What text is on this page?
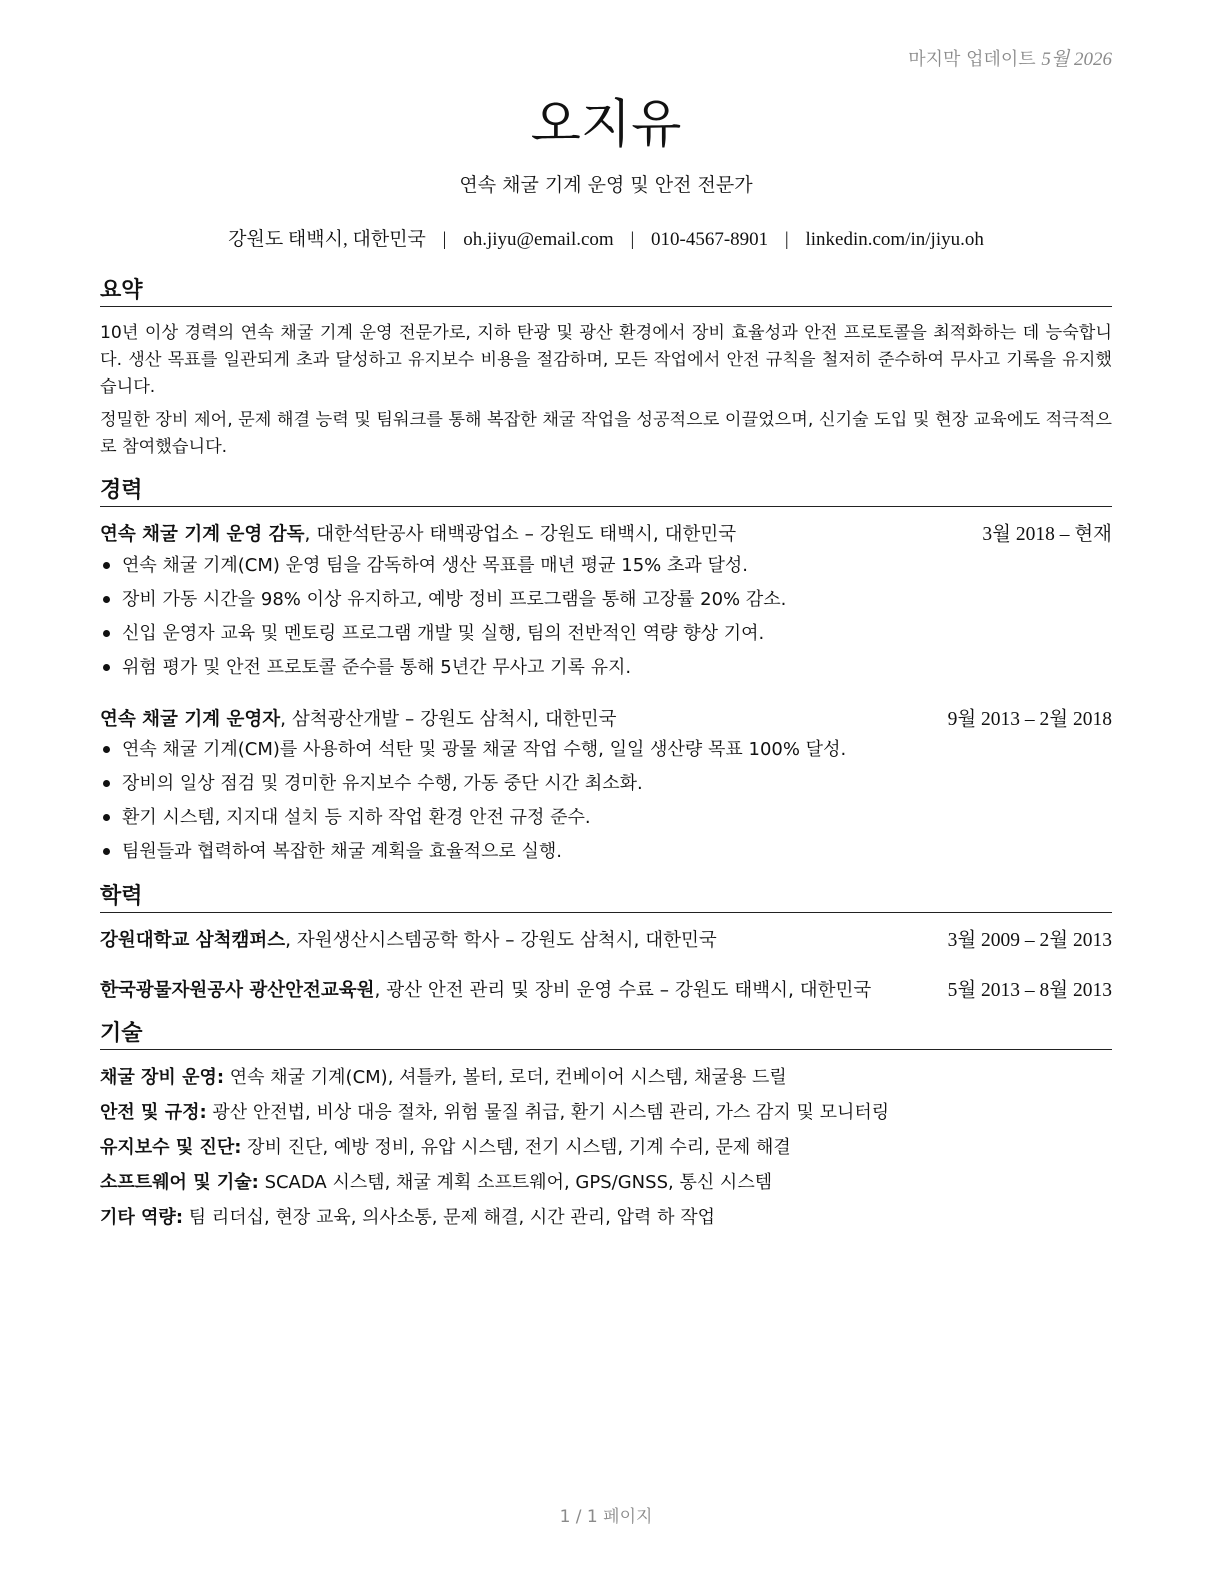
마지막 업데이트 5월 2026
오지유
연속 채굴 기계 운영 및 안전 전문가
강원도 태백시, 대한민국 | oh.jiyu@email.com | 010-4567-8901 | linkedin.com/in/jiyu.oh
요약
10년 이상 경력의 연속 채굴 기계 운영 전문가로, 지하 탄광 및 광산 환경에서 장비 효율성과 안전 프로토콜을 최적화하는 데 능숙합니다. 생산 목표를 일관되게 초과 달성하고 유지보수 비용을 절감하며, 모든 작업에서 안전 규칙을 철저히 준수하여 무사고 기록을 유지했습니다.
정밀한 장비 제어, 문제 해결 능력 및 팀워크를 통해 복잡한 채굴 작업을 성공적으로 이끌었으며, 신기술 도입 및 현장 교육에도 적극적으로 참여했습니다.
경력
연속 채굴 기계 운영 감독, 대한석탄공사 태백광업소 – 강원도 태백시, 대한민국	3월 2018 – 현재
연속 채굴 기계(CM) 운영 팀을 감독하여 생산 목표를 매년 평균 15% 초과 달성.
장비 가동 시간을 98% 이상 유지하고, 예방 정비 프로그램을 통해 고장률 20% 감소.
신입 운영자 교육 및 멘토링 프로그램 개발 및 실행, 팀의 전반적인 역량 향상 기여.
위험 평가 및 안전 프로토콜 준수를 통해 5년간 무사고 기록 유지.
연속 채굴 기계 운영자, 삼척광산개발 – 강원도 삼척시, 대한민국	9월 2013 – 2월 2018
연속 채굴 기계(CM)를 사용하여 석탄 및 광물 채굴 작업 수행, 일일 생산량 목표 100% 달성.
장비의 일상 점검 및 경미한 유지보수 수행, 가동 중단 시간 최소화.
환기 시스템, 지지대 설치 등 지하 작업 환경 안전 규정 준수.
팀원들과 협력하여 복잡한 채굴 계획을 효율적으로 실행.
학력
강원대학교 삼척캠퍼스, 자원생산시스템공학 학사 – 강원도 삼척시, 대한민국	3월 2009 – 2월 2013
한국광물자원공사 광산안전교육원, 광산 안전 관리 및 장비 운영 수료 – 강원도 태백시, 대한민국	5월 2013 – 8월 2013
기술
채굴 장비 운영: 연속 채굴 기계(CM), 셔틀카, 볼터, 로더, 컨베이어 시스템, 채굴용 드릴
안전 및 규정: 광산 안전법, 비상 대응 절차, 위험 물질 취급, 환기 시스템 관리, 가스 감지 및 모니터링
유지보수 및 진단: 장비 진단, 예방 정비, 유압 시스템, 전기 시스템, 기계 수리, 문제 해결
소프트웨어 및 기술: SCADA 시스템, 채굴 계획 소프트웨어, GPS/GNSS, 통신 시스템
기타 역량: 팀 리더십, 현장 교육, 의사소통, 문제 해결, 시간 관리, 압력 하 작업
1 / 1 페이지
